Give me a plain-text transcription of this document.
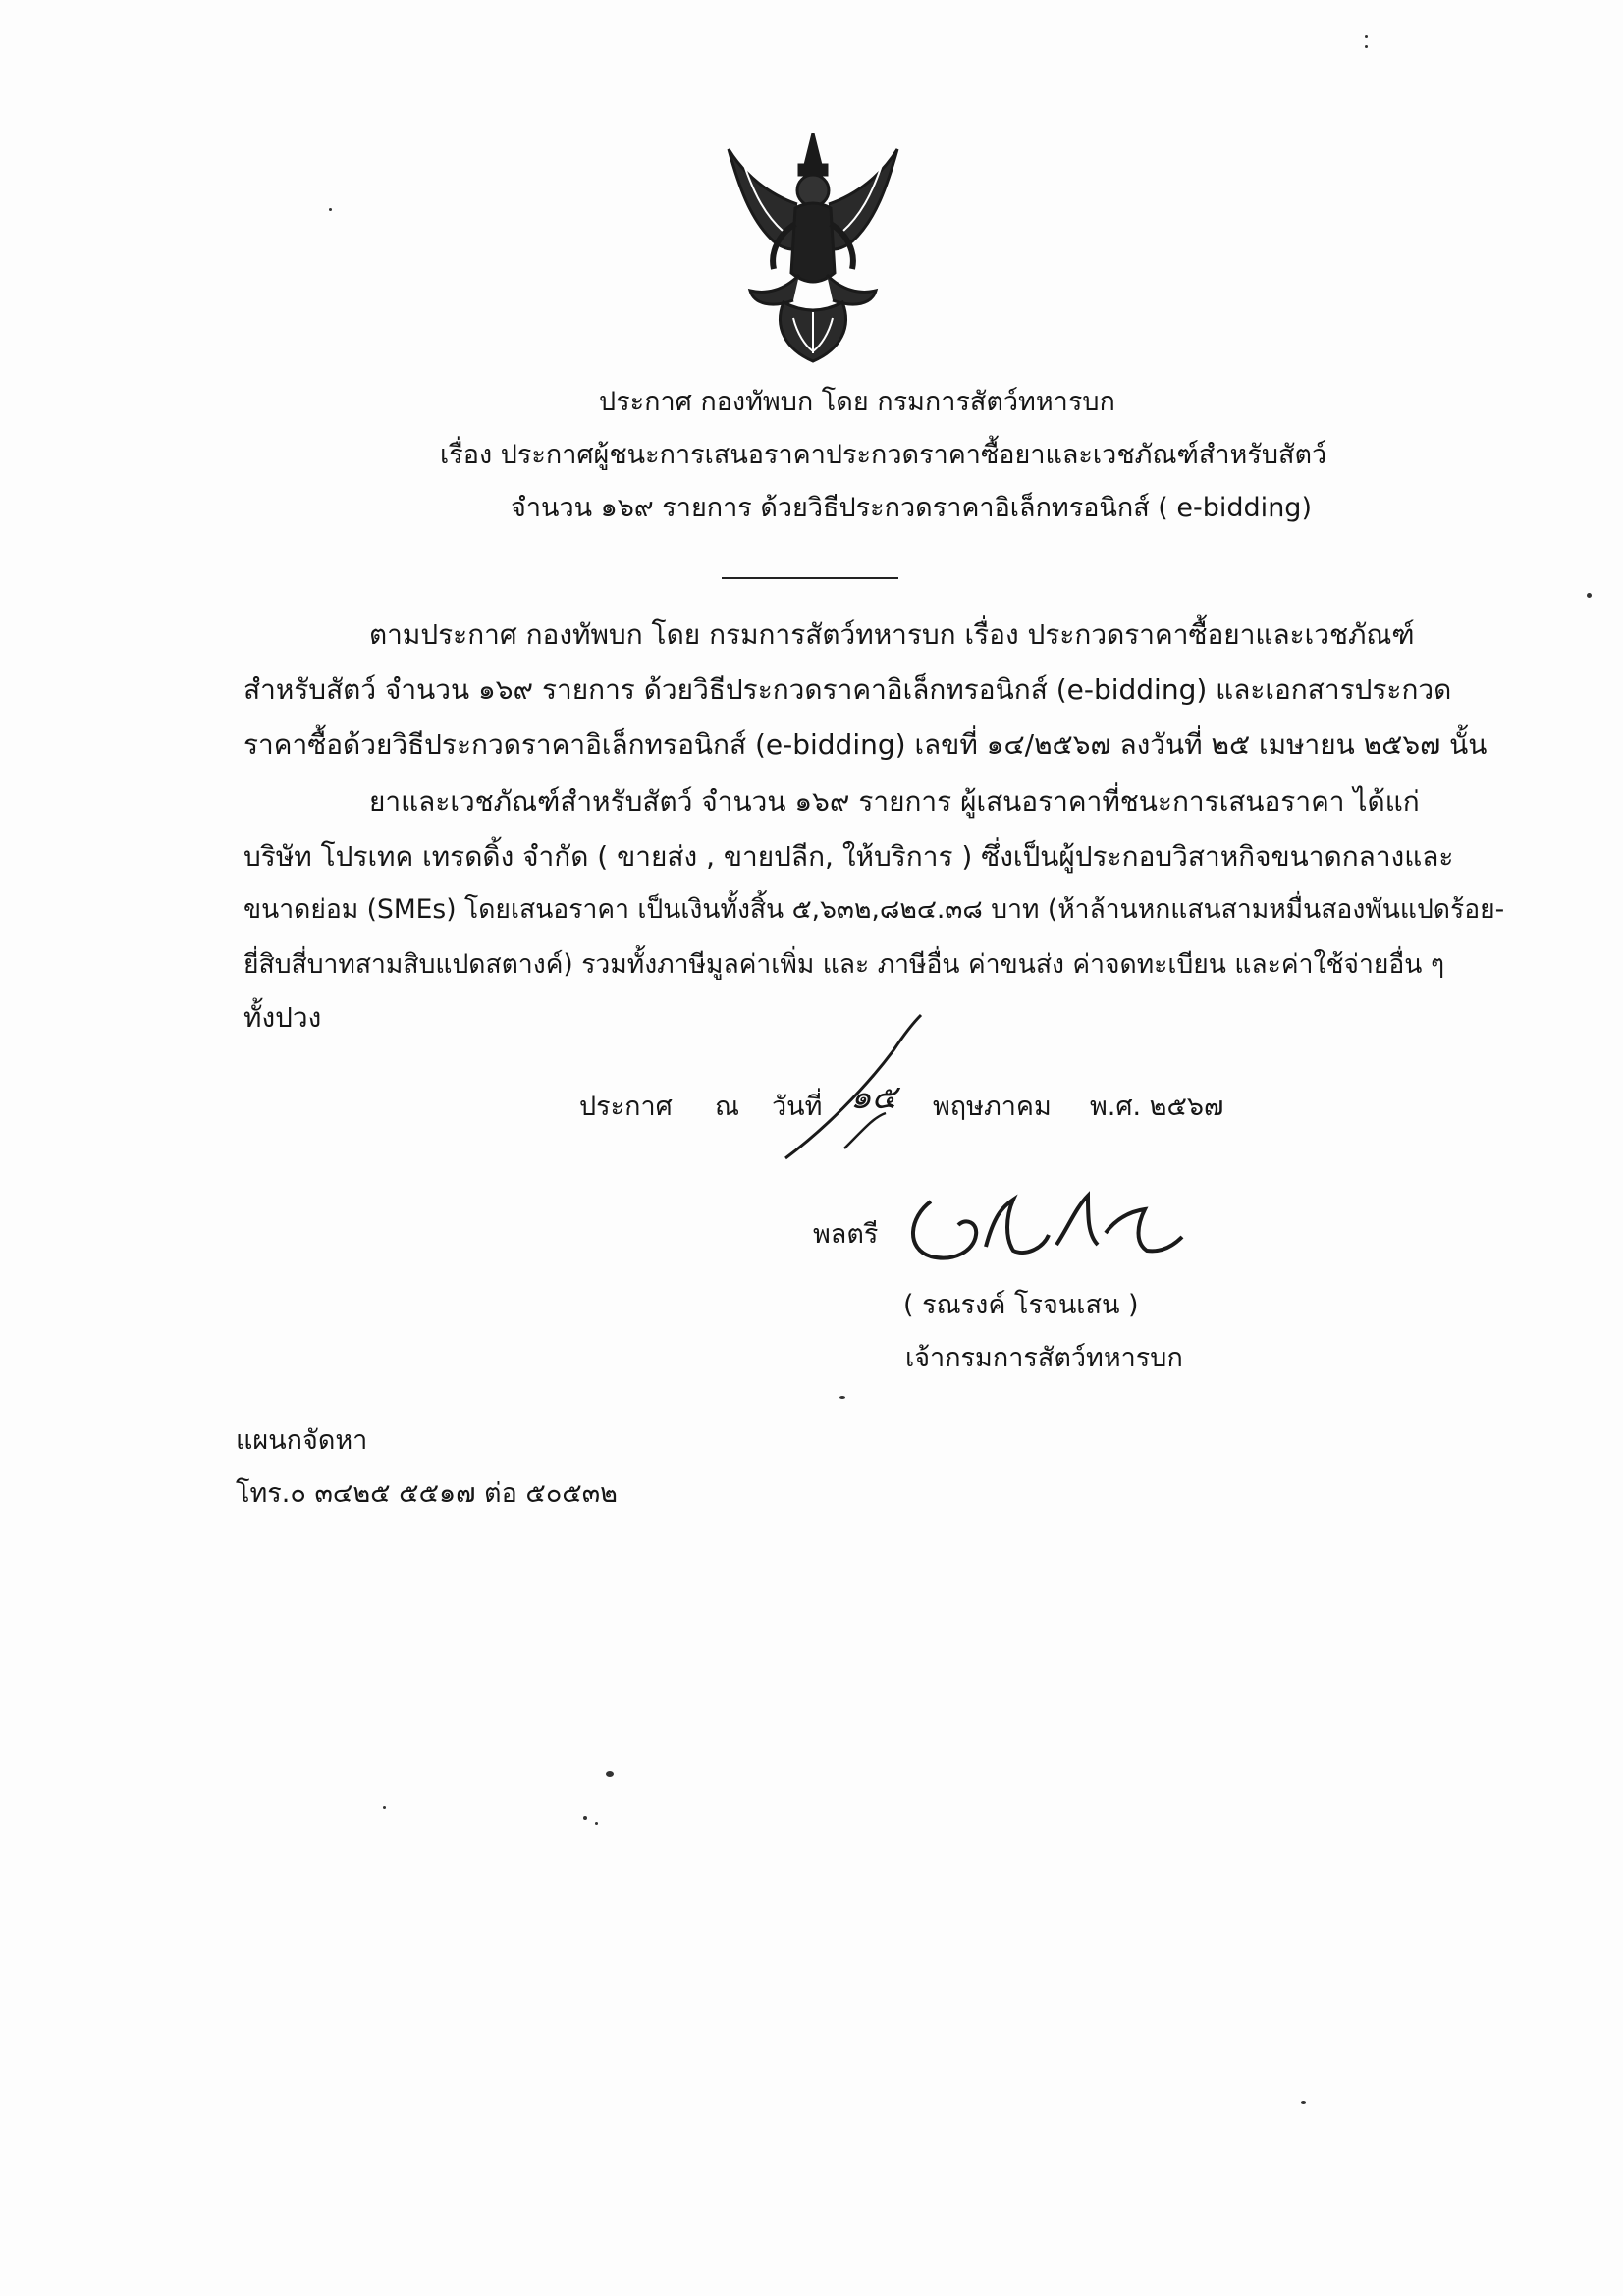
ประกาศ กองทัพบก โดย กรมการสัตว์ทหารบก
เรื่อง ประกาศผู้ชนะการเสนอราคาประกวดราคาซื้อยาและเวชภัณฑ์สำหรับสัตว์
จำนวน ๑๖๙ รายการ ด้วยวิธีประกวดราคาอิเล็กทรอนิกส์ ( e-bidding)
ตามประกาศ กองทัพบก โดย กรมการสัตว์ทหารบก เรื่อง ประกวดราคาซื้อยาและเวชภัณฑ์
สำหรับสัตว์ จำนวน ๑๖๙ รายการ ด้วยวิธีประกวดราคาอิเล็กทรอนิกส์ (e-bidding) และเอกสารประกวด
ราคาซื้อด้วยวิธีประกวดราคาอิเล็กทรอนิกส์ (e-bidding) เลขที่ ๑๔/๒๕๖๗ ลงวันที่ ๒๕ เมษายน ๒๕๖๗ นั้น
ยาและเวชภัณฑ์สำหรับสัตว์ จำนวน ๑๖๙ รายการ ผู้เสนอราคาที่ชนะการเสนอราคา ได้แก่
บริษัท โปรเทค เทรดดิ้ง จำกัด ( ขายส่ง , ขายปลีก, ให้บริการ ) ซึ่งเป็นผู้ประกอบวิสาหกิจขนาดกลางและ
ขนาดย่อม (SMEs) โดยเสนอราคา เป็นเงินทั้งสิ้น ๕,๖๓๒,๘๒๔.๓๘ บาท (ห้าล้านหกแสนสามหมื่นสองพันแปดร้อย-
ยี่สิบสี่บาทสามสิบแปดสตางค์) รวมทั้งภาษีมูลค่าเพิ่ม และ ภาษีอื่น ค่าขนส่ง ค่าจดทะเบียน และค่าใช้จ่ายอื่น ๆ
ทั้งปวง
ประกาศ ณ วันที่ ๑๕ พฤษภาคม พ.ศ. ๒๕๖๗
พลตรี
( รณรงค์ โรจนเสน )
เจ้ากรมการสัตว์ทหารบก
แผนกจัดหา
โทร.๐ ๓๔๒๕ ๕๕๑๗ ต่อ ๕๐๕๓๒
